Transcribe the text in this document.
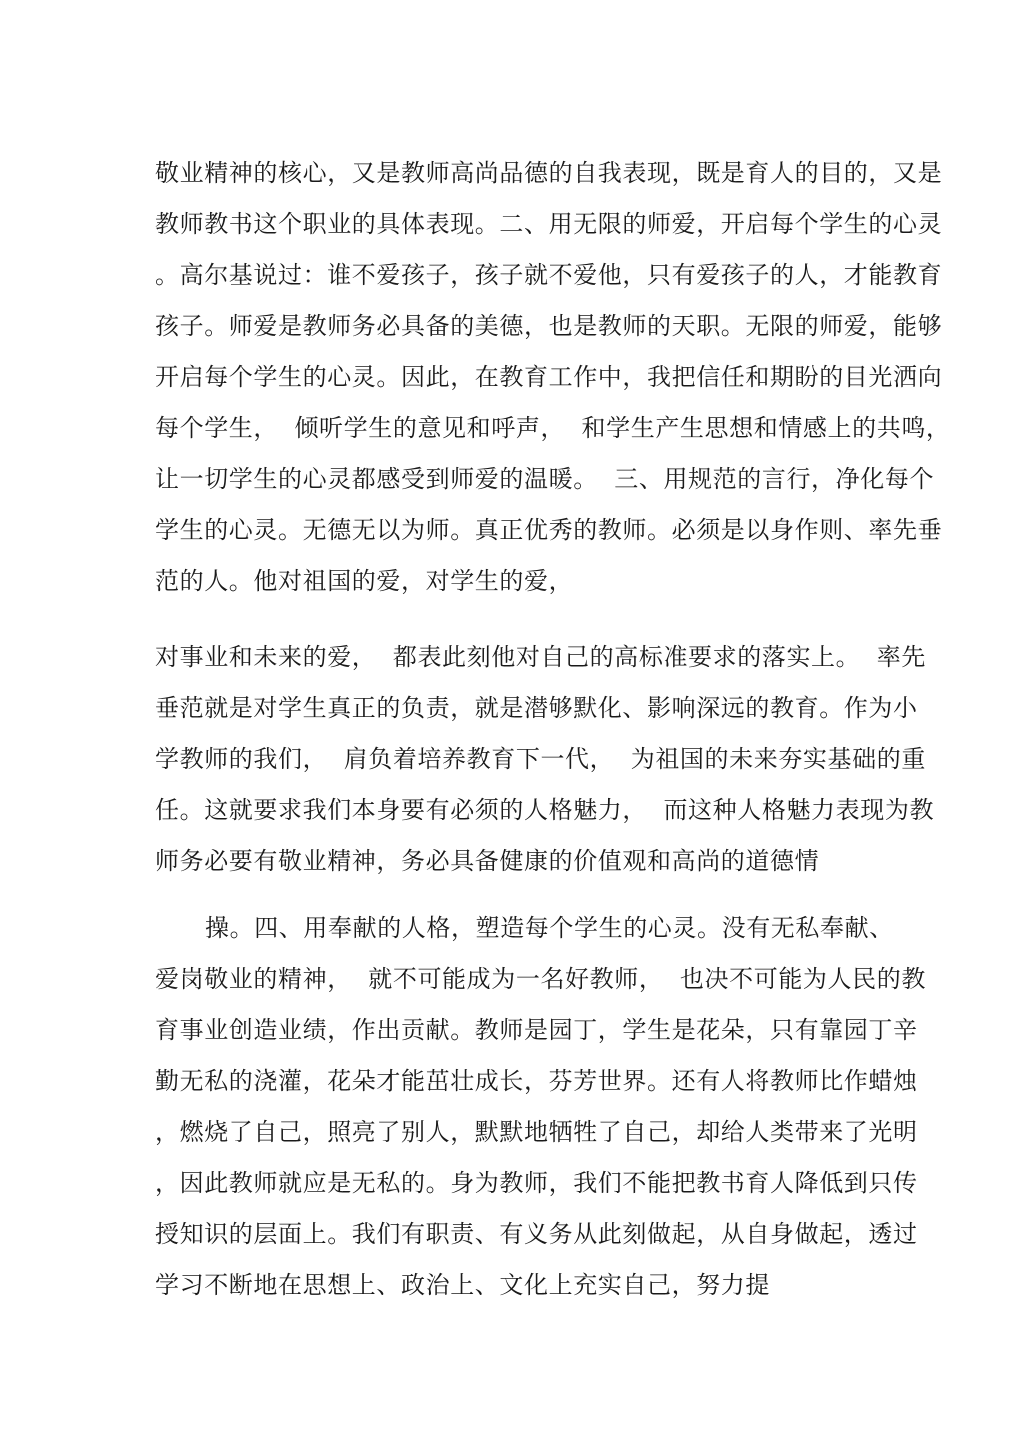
敬业精神的核心，又是教师高尚品德的自我表现，既是育人的目的，又是
教师教书这个职业的具体表现。二、用无限的师爱，开启每个学生的心灵
。高尔基说过：谁不爱孩子，孩子就不爱他，只有爱孩子的人，才能教育
孩子。师爱是教师务必具备的美德，也是教师的天职。无限的师爱，能够
开启每个学生的心灵。因此，在教育工作中，我把信任和期盼的目光洒向
每个学生，  倾听学生的意见和呼声，  和学生产生思想和情感上的共鸣，
让一切学生的心灵都感受到师爱的温暖。  三、用规范的言行，净化每个
学生的心灵。无德无以为师。真正优秀的教师。必须是以身作则、率先垂
范的人。他对祖国的爱，对学生的爱，
对事业和未来的爱，  都表此刻他对自己的高标准要求的落实上。  率先
垂范就是对学生真正的负责，就是潜够默化、影响深远的教育。作为小
学教师的我们，  肩负着培养教育下一代，  为祖国的未来夯实基础的重
任。这就要求我们本身要有必须的人格魅力，  而这种人格魅力表现为教
师务必要有敬业精神，务必具备健康的价值观和高尚的道德情
操。四、用奉献的人格，塑造每个学生的心灵。没有无私奉献、
爱岗敬业的精神，  就不可能成为一名好教师，  也决不可能为人民的教
育事业创造业绩，作出贡献。教师是园丁，学生是花朵，只有靠园丁辛
勤无私的浇灌，花朵才能茁壮成长，芬芳世界。还有人将教师比作蜡烛
，燃烧了自己，照亮了别人，默默地牺牲了自己，却给人类带来了光明
，因此教师就应是无私的。身为教师，我们不能把教书育人降低到只传
授知识的层面上。我们有职责、有义务从此刻做起，从自身做起，透过
学习不断地在思想上、政治上、文化上充实自己，努力提
